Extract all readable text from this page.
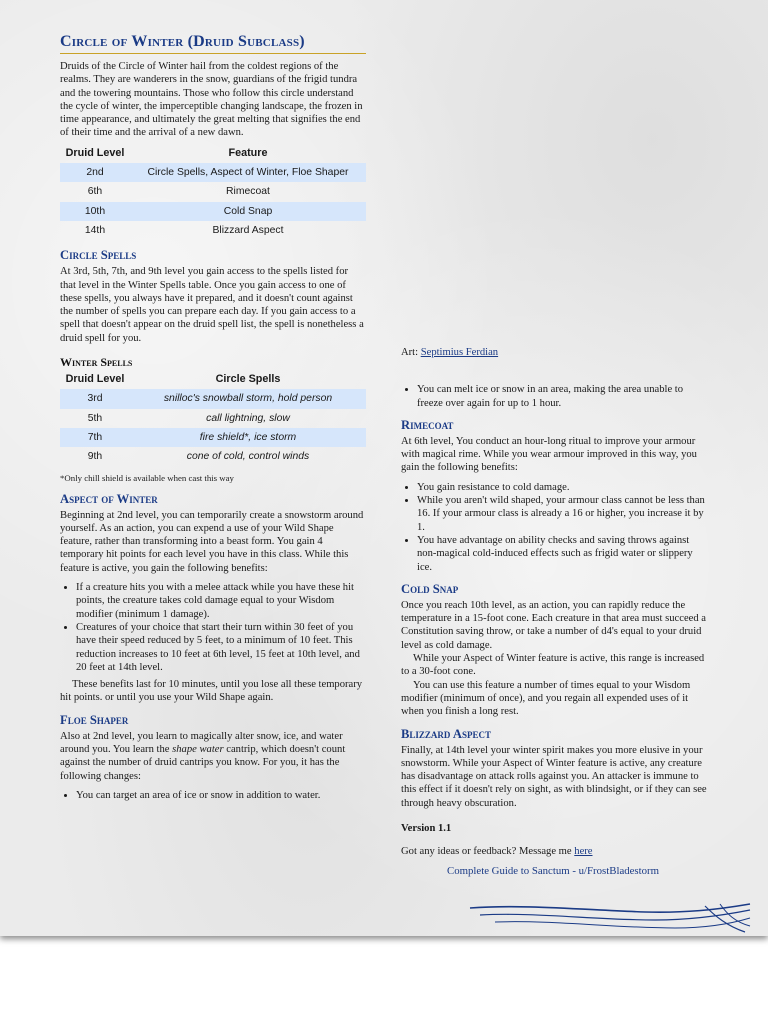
Circle of Winter (Druid Subclass)

Druids of the Circle of Winter hail from the coldest regions of the realms. They are wanderers in the snow, guardians of the frigid tundra and the towering mountains. Those who follow this circle understand the cycle of winter, the imperceptible changing landscape, the frozen in time appearance, and ultimately the great melting that signifies the end of their time and the arrival of a new dawn.

Druid Level	Feature
2nd	Circle Spells, Aspect of Winter, Floe Shaper
6th	Rimecoat
10th	Cold Snap
14th	Blizzard Aspect
Circle Spells

At 3rd, 5th, 7th, and 9th level you gain access to the spells listed for that level in the Winter Spells table. Once you gain access to one of these spells, you always have it prepared, and it doesn't count against the number of spells you can prepare each day. If you gain access to a spell that doesn't appear on the druid spell list, the spell is nonetheless a druid spell for you.

Winter Spells
Druid Level	Circle Spells
3rd	snilloc's snowball storm, hold person
5th	call lightning, slow
7th	fire shield*, ice storm
9th	cone of cold, control winds

*Only chill shield is available when cast this way

Aspect of Winter

Beginning at 2nd level, you can temporarily create a snowstorm around yourself. As an action, you can expend a use of your Wild Shape feature, rather than transforming into a beast form. You gain 4 temporary hit points for each level you have in this class. While this feature is active, you gain the following benefits:

• If a creature hits you with a melee attack while you have these hit points, the creature takes cold damage equal to your Wisdom modifier (minimum 1 damage).
• Creatures of your choice that start their turn within 30 feet of you have their speed reduced by 5 feet, to a minimum of 10 feet. This reduction increases to 10 feet at 6th level, 15 feet at 10th level, and 20 feet at 14th level.

These benefits last for 10 minutes, until you lose all these temporary hit points. or until you use your Wild Shape again.

Floe Shaper

Also at 2nd level, you learn to magically alter snow, ice, and water around you. You learn the shape water cantrip, which doesn't count against the number of druid cantrips you know. For you, it has the following changes:

• You can target an area of ice or snow in addition to water.

Art: Septimius Ferdian

• You can melt ice or snow in an area, making the area unable to freeze over again for up to 1 hour.
Rimecoat

At 6th level, You conduct an hour-long ritual to improve your armour with magical rime. While you wear armour improved in this way, you gain the following benefits:

• You gain resistance to cold damage.
• While you aren't wild shaped, your armour class cannot be less than 16. If your armour class is already a 16 or higher, you increase it by 1.
• You have advantage on ability checks and saving throws against non-magical cold-induced effects such as frigid water or slippery ice.
Cold Snap

Once you reach 10th level, as an action, you can rapidly reduce the temperature in a 15-foot cone. Each creature in that area must succeed a Constitution saving throw, or take a number of d4's equal to your druid level as cold damage.

While your Aspect of Winter feature is active, this range is increased to a 30-foot cone.

You can use this feature a number of times equal to your Wisdom modifier (minimum of once), and you regain all expended uses of it when you finish a long rest.

Blizzard Aspect

Finally, at 14th level your winter spirit makes you more elusive in your snowstorm. While your Aspect of Winter feature is active, any creature has disadvantage on attack rolls against you. An attacker is immune to this effect if it doesn't rely on sight, as with blindsight, or if they can see through heavy obscuration.

Version 1.1

Got any ideas or feedback? Message me here

Complete Guide to Sanctum - u/FrostBladestorm
